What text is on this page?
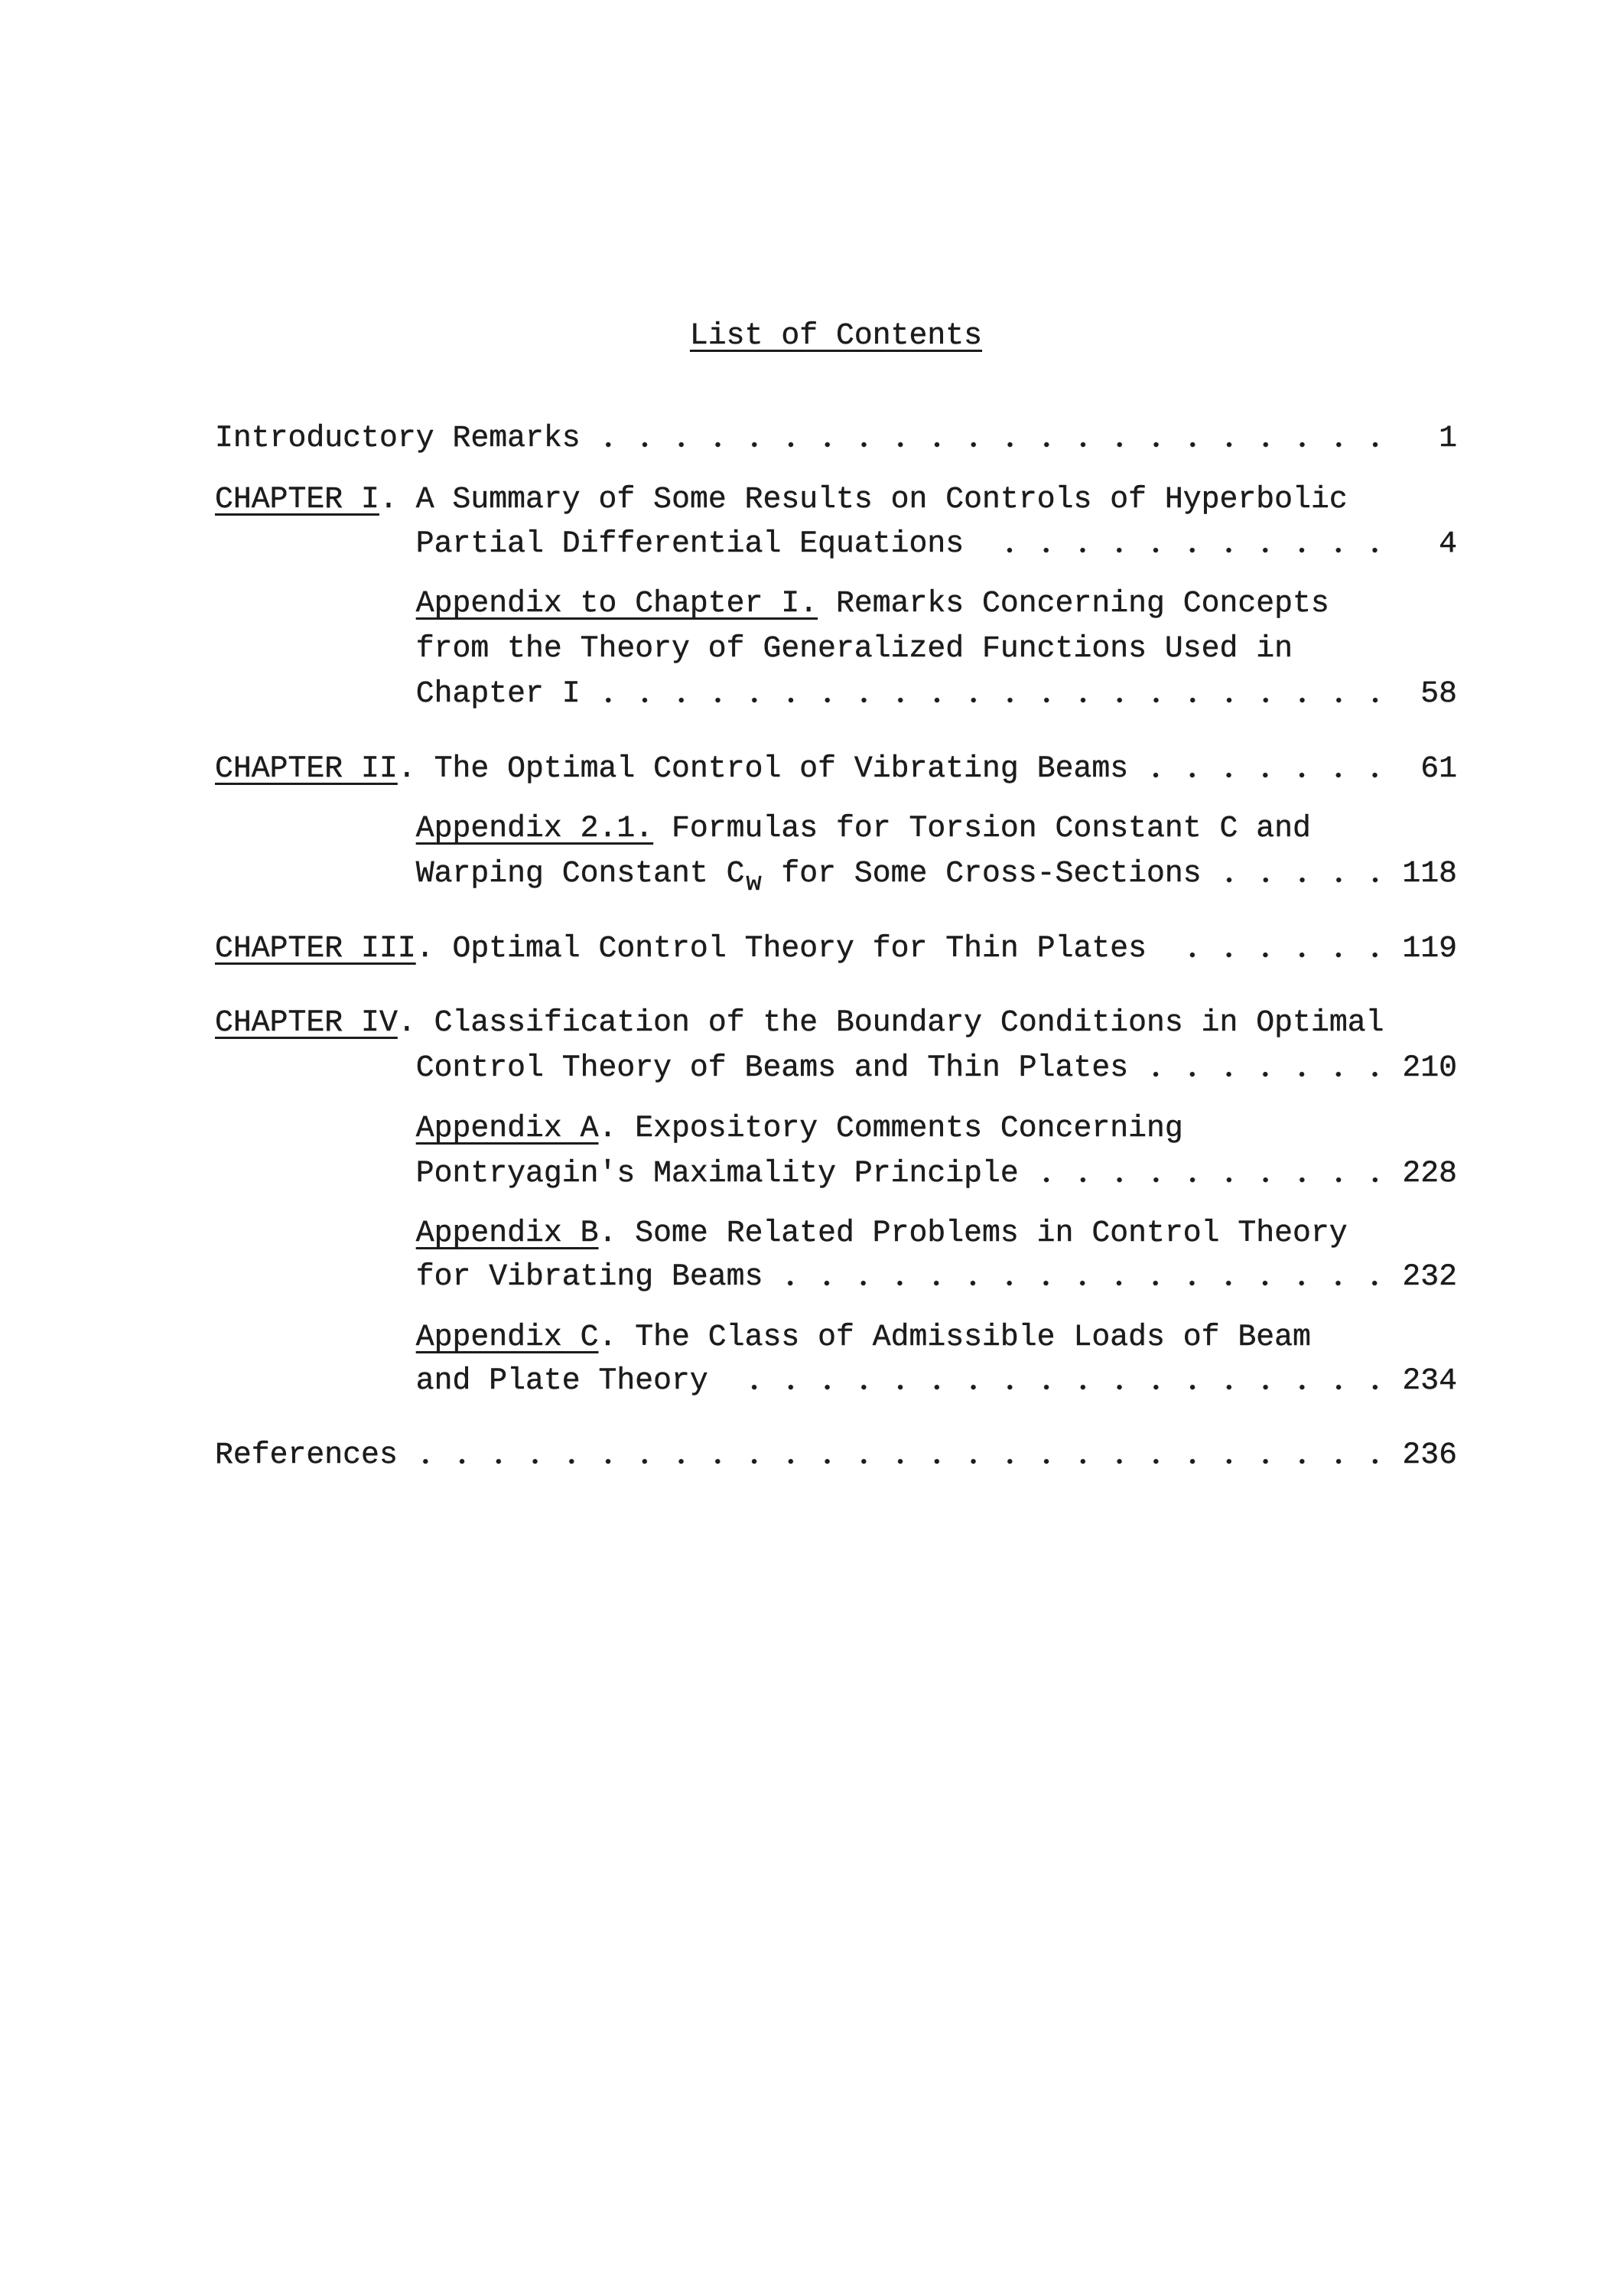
List of Contents
Introductory Remarks	1
CHAPTER I. A Summary of Some Results on Controls of Hyperbolic
Partial Differential Equations	4
Appendix to Chapter I. Remarks Concerning Concepts
from the Theory of Generalized Functions Used in
Chapter I	58
CHAPTER II. The Optimal Control of Vibrating Beams	61
Appendix 2.1. Formulas for Torsion Constant C and
Warping Constant $C_w$ for Some Cross-Sections	118
CHAPTER III. Optimal Control Theory for Thin Plates	119
CHAPTER IV. Classification of the Boundary Conditions in Optimal
Control Theory of Beams and Thin Plates	210
Appendix A. Expository Comments Concerning
Pontryagin's Maximality Principle	228
Appendix B. Some Related Problems in Control Theory
for Vibrating Beams	232
Appendix C. The Class of Admissible Loads of Beam
and Plate Theory	234
References	236
